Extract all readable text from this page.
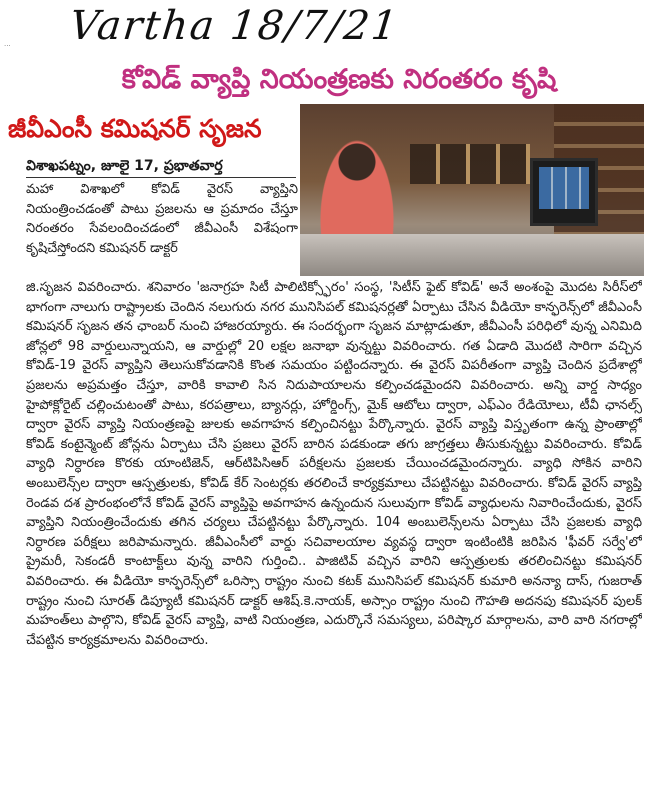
Vartha 18/7/21
...
కోవిడ్ వ్యాప్తి నియంత్రణకు నిరంతరం కృషి
జీవీఎంసీ కమిషనర్ సృజన
విశాఖపట్నం, జూలై 17, ప్రభాతవార్త
మహా విశాఖలో కోవిడ్ వైరస్ వ్యాప్తిని నియంత్రించడంతో పాటు ప్రజలను ఆ ప్రమాదం చేస్తూ నిరంతరం సేవలందించడంలో జీవీఎంసీ విశేషంగా కృషిచేస్తోందని కమిషనర్ డాక్టర్
జి.సృజన వివరించారు. శనివారం 'జనాగ్రహ సిటీ పాలిటిక్స్ఫోరం' సంస్థ, 'సిటీస్ ఫైట్ కోవిడ్' అనే అంశంపై మొదట సిరీస్‌లో భాగంగా నాలుగు రాష్ట్రాలకు చెందిన నలుగురు నగర మునిసిపల్ కమిషనర్లతో ఏర్పాటు చేసిన వీడియో కాన్ఫరెన్స్‌లో జీవీఎంసీ కమిషనర్ సృజన తన ఛాంబర్ నుంచి హాజరయ్యారు. ఈ సందర్భంగా సృజన మాట్లాడుతూ, జీవీఎంసీ పరిధిలో వున్న ఎనిమిది జోన్లలో 98 వార్డులున్నాయని, ఆ వార్డుల్లో 20 లక్షల జనాభా వున్నట్టు వివరించారు. గత ఏడాది మొదటి సారిగా వచ్చిన కోవిడ్-19 వైరస్ వ్యాప్తిని తెలుసుకోవడానికి కొంత సమయం పట్టిందన్నారు. ఈ వైరస్ విపరీతంగా వ్యాప్తి చెందిన ప్రదేశాల్లో ప్రజలను అప్రమత్తం చేస్తూ, వారికి కావాలి సిన నిదుపాయాలను కల్పించడమైందని వివరించారు. అన్ని వార్డ సాధ్యం హైపోక్లోరైట్ చల్లించుటంతో పాటు, కరపత్రాలు, బ్యానర్లు, హోర్డింగ్స్, మైక్ ఆటోలు ద్వారా, ఎఫ్ఎం రేడియోలు, టీవీ ఛానల్స్ ద్వారా వైరస్ వ్యాప్తి నియంత్రణపై జులకు అవగాహన కల్పించినట్టు పేర్కొన్నారు. వైరస్ వ్యాప్తి విస్తృతంగా ఉన్న ప్రాంతాల్లో కోవిడ్ కంటైన్మెంట్ జోన్లను ఏర్పాటు చేసి ప్రజలు వైరస్ బారిన పడకుండా తగు జాగ్రత్తలు తీసుకున్నట్టు వివరించారు. కోవిడ్ వ్యాధి నిర్ధారణ కొరకు యాంటిజెన్, ఆర్‌టిపిసిఆర్ పరీక్షలను ప్రజలకు చేయించడమైందన్నారు. వ్యాధి సోకిన వారిని అంబులెన్స్‌ల ద్వారా ఆస్పత్రులకు, కోవిడ్ కేర్ సెంటర్లకు తరలించే కార్యక్రమాలు చేపట్టినట్టు వివరించారు. కోవిడ్ వైరస్ వ్యాప్తి రెండవ దశ ప్రారంభంలోనే కోవిడ్ వైరస్ వ్యాప్తిపై అవగాహన ఉన్నందున సులువుగా కోవిడ్ వ్యాధులను నివారించేందుకు, వైరస్ వ్యాప్తిని నియంత్రించేందుకు తగిన చర్యలు చేపట్టినట్టు పేర్కొన్నారు. 104 అంబులెన్స్‌లను ఏర్పాటు చేసి ప్రజలకు వ్యాధి నిర్ధారణ పరీక్షలు జరిపామన్నారు. జీవీఎంసీలో వార్డు సచివాలయాల వ్యవస్థ ద్వారా ఇంటింటికి జరిపిన 'ఫీవర్ సర్వే'లో ప్రైమరీ, సెకండరీ కాంటాక్ట్‌లు వున్న వారిని గుర్తించి.. పాజిటివ్ వచ్చిన వారిని ఆస్పత్రులకు తరలించినట్టు కమిషనర్ వివరించారు. ఈ వీడియో కాన్ఫరెన్స్‌లో ఒరిస్సా రాష్ట్రం నుంచి కటక్ మునిసిపల్ కమిషనర్ కుమారి అనన్యా దాస్, గుజరాత్ రాష్ట్రం నుంచి సూరత్ డిప్యూటీ కమిషనర్ డాక్టర్ ఆశిష్.కె.నాయక్, అస్సాం రాష్ట్రం నుంచి గౌహతి అదనపు కమిషనర్ పులక్ మహంత్‌లు పాల్గొని, కోవిడ్ వైరస్ వ్యాప్తి, వాటి నియంత్రణ, ఎదుర్కొనే సమస్యలు, పరిష్కార మార్గాలను, వారి వారి నగరాల్లో చేపట్టిన కార్యక్రమాలను వివరించారు.
